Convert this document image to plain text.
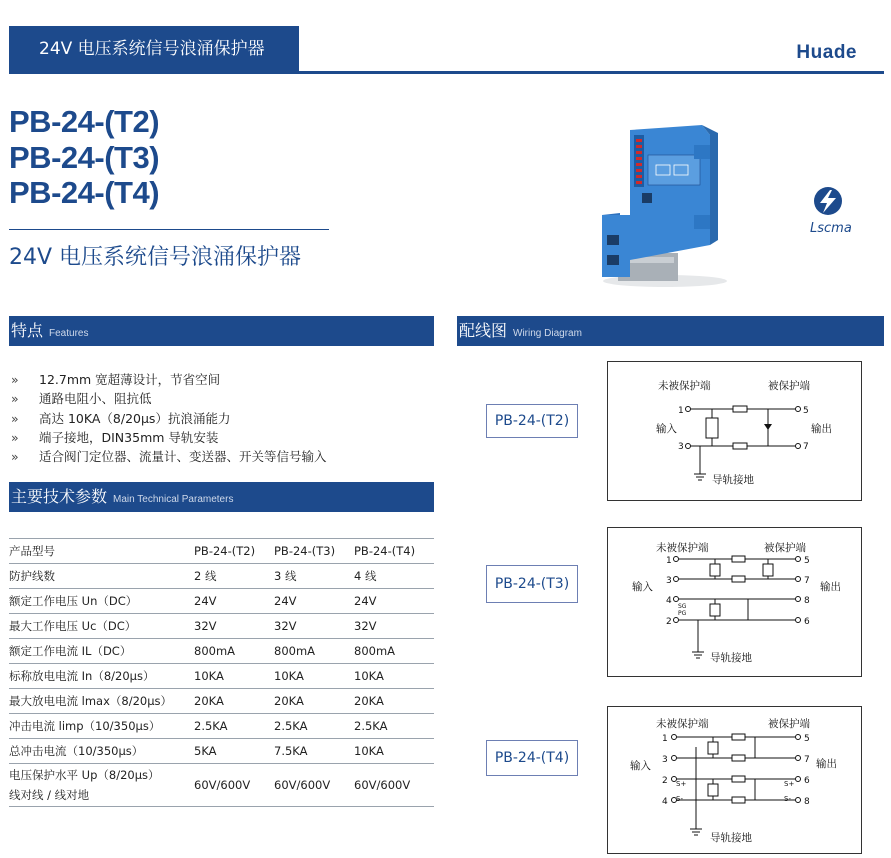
24V 电压系统信号浪涌保护器	Huade
PB-24-(T2)
PB-24-(T3)
PB-24-(T4)
24V 电压系统信号浪涌保护器
Lscma
特点 Features
» 12.7mm 宽超薄设计，节省空间
» 通路电阻小、阻抗低
» 高达 10KA（8/20μs）抗浪涌能力
» 端子接地，DIN35mm 导轨安装
» 适合阀门定位器、流量计、变送器、开关等信号输入
主要技术参数 Main Technical Parameters
产品型号	PB-24-(T2)	PB-24-(T3)	PB-24-(T4)
防护线数	2 线	3 线	4 线
额定工作电压 Un（DC）	24V	24V	24V
最大工作电压 Uc（DC）	32V	32V	32V
额定工作电流 IL（DC）	800mA	800mA	800mA
标称放电电流 In（8/20μs）	10KA	10KA	10KA
最大放电电流 lmax（8/20μs）	20KA	20KA	20KA
冲击电流 limp（10/350μs）	2.5KA	2.5KA	2.5KA
总冲击电流（10/350μs）	5KA	7.5KA	10KA

电压保护水平 Up（8/20μs）
线对线 / 线对地	60V/600V	60V/600V	60V/600V
配线图 Wiring Diagram
PB-24-(T2)
PB-24-(T3)
PB-24-(T4)
未被保护端	被保护端
输入	输出
导轨接地
1
3
5
7
未被保护端	被保护端
输入	输出
导轨接地
1
3
4
2
5
7
8
6
SG
PG
未被保护端	被保护端
输入	输出
导轨接地
1
3
2
4
5
7
6
8
S+
S-
S+
S-
